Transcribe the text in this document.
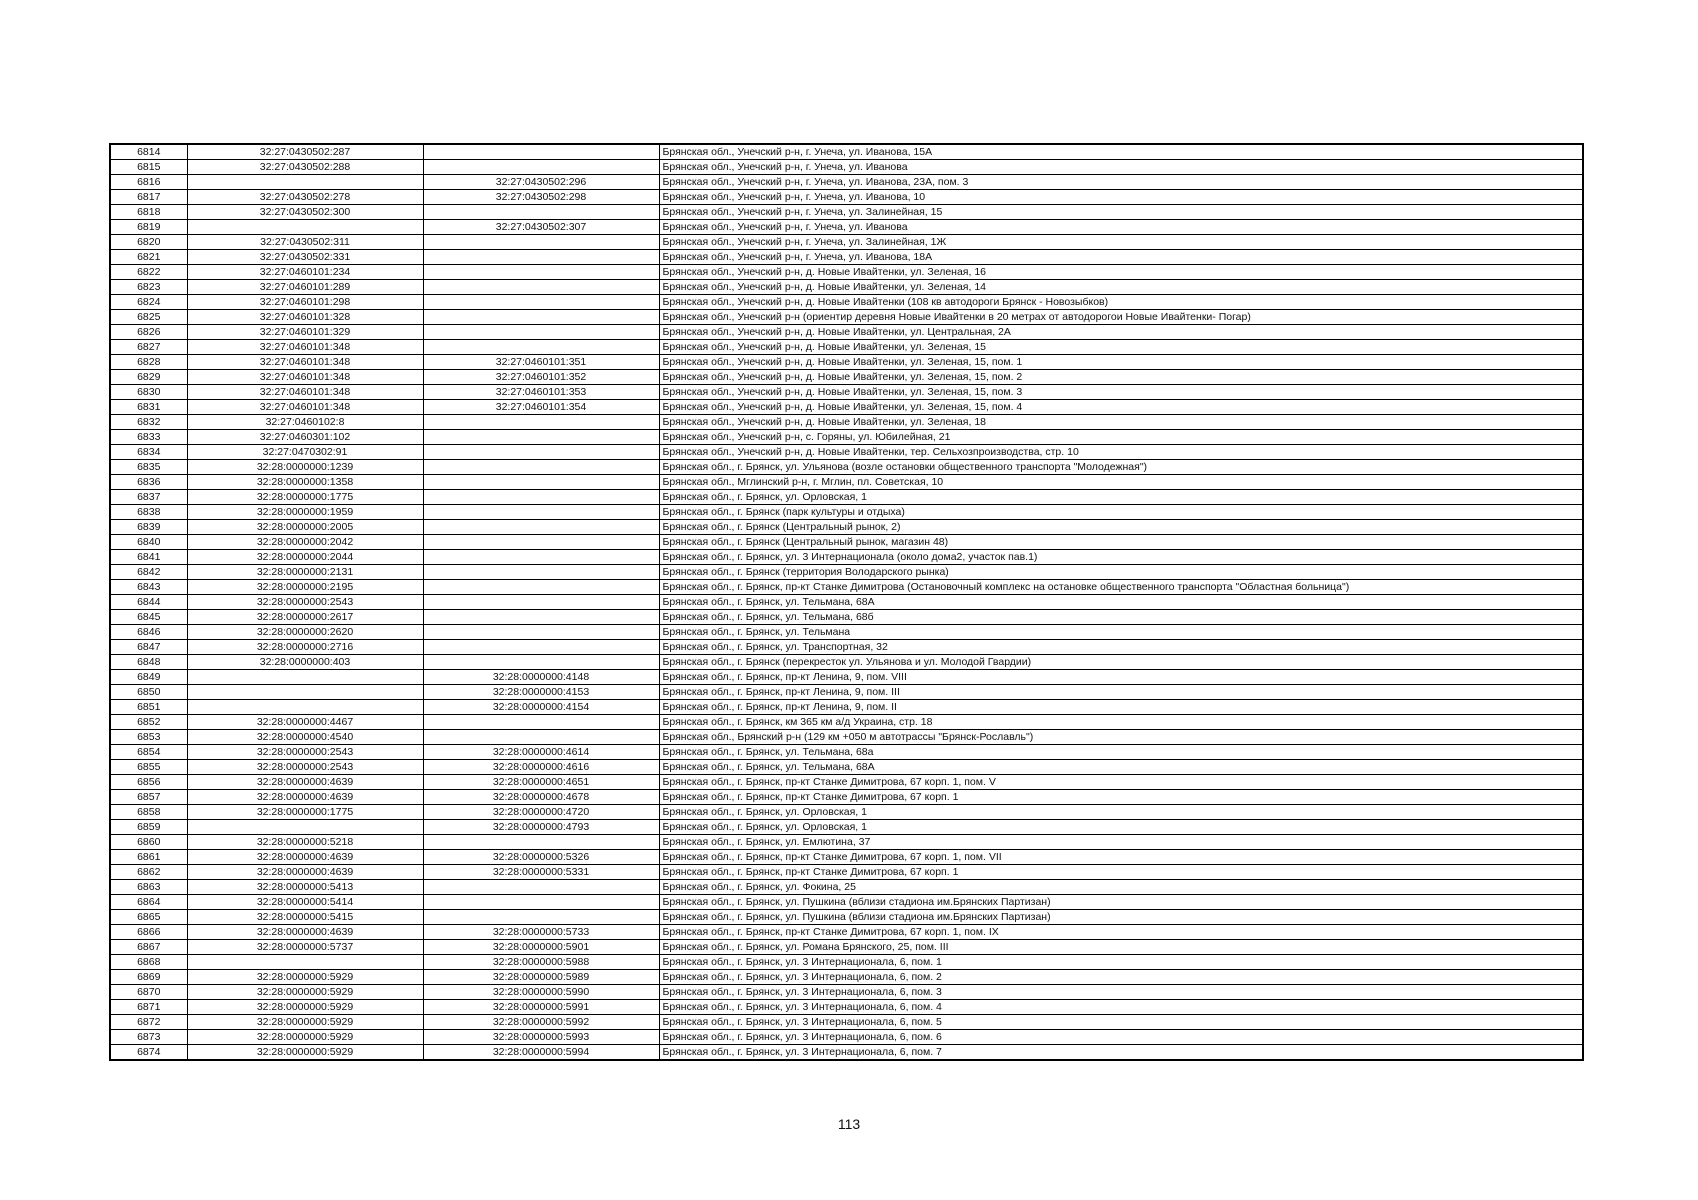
6814	32:27:0430502:287		Брянская обл., Унечский р-н, г. Унеча, ул. Иванова, 15А
6815	32:27:0430502:288		Брянская обл., Унечский р-н, г. Унеча, ул. Иванова
6816		32:27:0430502:296	Брянская обл., Унечский р-н, г. Унеча, ул. Иванова, 23А, пом. 3
6817	32:27:0430502:278	32:27:0430502:298	Брянская обл., Унечский р-н, г. Унеча, ул. Иванова, 10
6818	32:27:0430502:300		Брянская обл., Унечский р-н, г. Унеча, ул. Залинейная, 15
6819		32:27:0430502:307	Брянская обл., Унечский р-н, г. Унеча, ул. Иванова
6820	32:27:0430502:311		Брянская обл., Унечский р-н, г. Унеча, ул. Залинейная, 1Ж
6821	32:27:0430502:331		Брянская обл., Унечский р-н, г. Унеча, ул. Иванова, 18А
6822	32:27:0460101:234		Брянская обл., Унечский р-н, д. Новые Ивайтенки, ул. Зеленая, 16
6823	32:27:0460101:289		Брянская обл., Унечский р-н, д. Новые Ивайтенки, ул. Зеленая, 14
6824	32:27:0460101:298		Брянская обл., Унечский р-н, д. Новые Ивайтенки (108 кв автодороги Брянск - Новозыбков)
6825	32:27:0460101:328		Брянская обл., Унечский р-н (ориентир деревня Новые Ивайтенки в 20 метрах от автодорогои Новые Ивайтенки- Погар)
6826	32:27:0460101:329		Брянская обл., Унечский р-н, д. Новые Ивайтенки, ул. Центральная, 2А
6827	32:27:0460101:348		Брянская обл., Унечский р-н, д. Новые Ивайтенки, ул. Зеленая, 15
6828	32:27:0460101:348	32:27:0460101:351	Брянская обл., Унечский р-н, д. Новые Ивайтенки, ул. Зеленая, 15, пом. 1
6829	32:27:0460101:348	32:27:0460101:352	Брянская обл., Унечский р-н, д. Новые Ивайтенки, ул. Зеленая, 15, пом. 2
6830	32:27:0460101:348	32:27:0460101:353	Брянская обл., Унечский р-н, д. Новые Ивайтенки, ул. Зеленая, 15, пом. 3
6831	32:27:0460101:348	32:27:0460101:354	Брянская обл., Унечский р-н, д. Новые Ивайтенки, ул. Зеленая, 15, пом. 4
6832	32:27:0460102:8		Брянская обл., Унечский р-н, д. Новые Ивайтенки, ул. Зеленая, 18
6833	32:27:0460301:102		Брянская обл., Унечский р-н, с. Горяны, ул. Юбилейная, 21
6834	32:27:0470302:91		Брянская обл., Унечский р-н, д. Новые Ивайтенки, тер. Сельхозпроизводства, стр. 10
6835	32:28:0000000:1239		Брянская обл., г. Брянск, ул. Ульянова (возле остановки общественного транспорта "Молодежная")
6836	32:28:0000000:1358		Брянская обл., Мглинский р-н, г. Мглин, пл. Советская, 10
6837	32:28:0000000:1775		Брянская обл., г. Брянск, ул. Орловская, 1
6838	32:28:0000000:1959		Брянская обл., г. Брянск (парк культуры и отдыха)
6839	32:28:0000000:2005		Брянская обл., г. Брянск (Центральный рынок, 2)
6840	32:28:0000000:2042		Брянская обл., г. Брянск (Центральный рынок, магазин 48)
6841	32:28:0000000:2044		Брянская обл., г. Брянск, ул. 3 Интернационала (около дома2, участок пав.1)
6842	32:28:0000000:2131		Брянская обл., г. Брянск (территория Володарского рынка)
6843	32:28:0000000:2195		Брянская обл., г. Брянск, пр-кт Станке Димитрова (Остановочный комплекс на остановке общественного транспорта "Областная больница")
6844	32:28:0000000:2543		Брянская обл., г. Брянск, ул. Тельмана, 68А
6845	32:28:0000000:2617		Брянская обл., г. Брянск, ул. Тельмана, 68б
6846	32:28:0000000:2620		Брянская обл., г. Брянск, ул. Тельмана
6847	32:28:0000000:2716		Брянская обл., г. Брянск, ул. Транспортная, 32
6848	32:28:0000000:403		Брянская обл., г. Брянск (перекресток ул. Ульянова и ул. Молодой Гвардии)
6849		32:28:0000000:4148	Брянская обл., г. Брянск, пр-кт Ленина, 9, пом. VIII
6850		32:28:0000000:4153	Брянская обл., г. Брянск, пр-кт Ленина, 9, пом. III
6851		32:28:0000000:4154	Брянская обл., г. Брянск, пр-кт Ленина, 9, пом. II
6852	32:28:0000000:4467		Брянская обл., г. Брянск, км 365 км а/д Украина, стр. 18
6853	32:28:0000000:4540		Брянская обл., Брянский р-н (129 км +050 м автотрассы "Брянск-Рославль")
6854	32:28:0000000:2543	32:28:0000000:4614	Брянская обл., г. Брянск, ул. Тельмана, 68а
6855	32:28:0000000:2543	32:28:0000000:4616	Брянская обл., г. Брянск, ул. Тельмана, 68А
6856	32:28:0000000:4639	32:28:0000000:4651	Брянская обл., г. Брянск, пр-кт Станке Димитрова, 67 корп. 1, пом. V
6857	32:28:0000000:4639	32:28:0000000:4678	Брянская обл., г. Брянск, пр-кт Станке Димитрова, 67 корп. 1
6858	32:28:0000000:1775	32:28:0000000:4720	Брянская обл., г. Брянск, ул. Орловская, 1
6859		32:28:0000000:4793	Брянская обл., г. Брянск, ул. Орловская, 1
6860	32:28:0000000:5218		Брянская обл., г. Брянск, ул. Емлютина, 37
6861	32:28:0000000:4639	32:28:0000000:5326	Брянская обл., г. Брянск, пр-кт Станке Димитрова, 67 корп. 1, пом. VII
6862	32:28:0000000:4639	32:28:0000000:5331	Брянская обл., г. Брянск, пр-кт Станке Димитрова, 67 корп. 1
6863	32:28:0000000:5413		Брянская обл., г. Брянск, ул. Фокина, 25
6864	32:28:0000000:5414		Брянская обл., г. Брянск, ул. Пушкина (вблизи стадиона им.Брянских Партизан)
6865	32:28:0000000:5415		Брянская обл., г. Брянск, ул. Пушкина (вблизи стадиона им.Брянских Партизан)
6866	32:28:0000000:4639	32:28:0000000:5733	Брянская обл., г. Брянск, пр-кт Станке Димитрова, 67 корп. 1, пом. IX
6867	32:28:0000000:5737	32:28:0000000:5901	Брянская обл., г. Брянск, ул. Романа Брянского, 25, пом. III
6868		32:28:0000000:5988	Брянская обл., г. Брянск, ул. 3 Интернационала, 6, пом. 1
6869	32:28:0000000:5929	32:28:0000000:5989	Брянская обл., г. Брянск, ул. 3 Интернационала, 6, пом. 2
6870	32:28:0000000:5929	32:28:0000000:5990	Брянская обл., г. Брянск, ул. 3 Интернационала, 6, пом. 3
6871	32:28:0000000:5929	32:28:0000000:5991	Брянская обл., г. Брянск, ул. 3 Интернационала, 6, пом. 4
6872	32:28:0000000:5929	32:28:0000000:5992	Брянская обл., г. Брянск, ул. 3 Интернационала, 6, пом. 5
6873	32:28:0000000:5929	32:28:0000000:5993	Брянская обл., г. Брянск, ул. 3 Интернационала, 6, пом. 6
6874	32:28:0000000:5929	32:28:0000000:5994	Брянская обл., г. Брянск, ул. 3 Интернационала, 6, пом. 7
113
